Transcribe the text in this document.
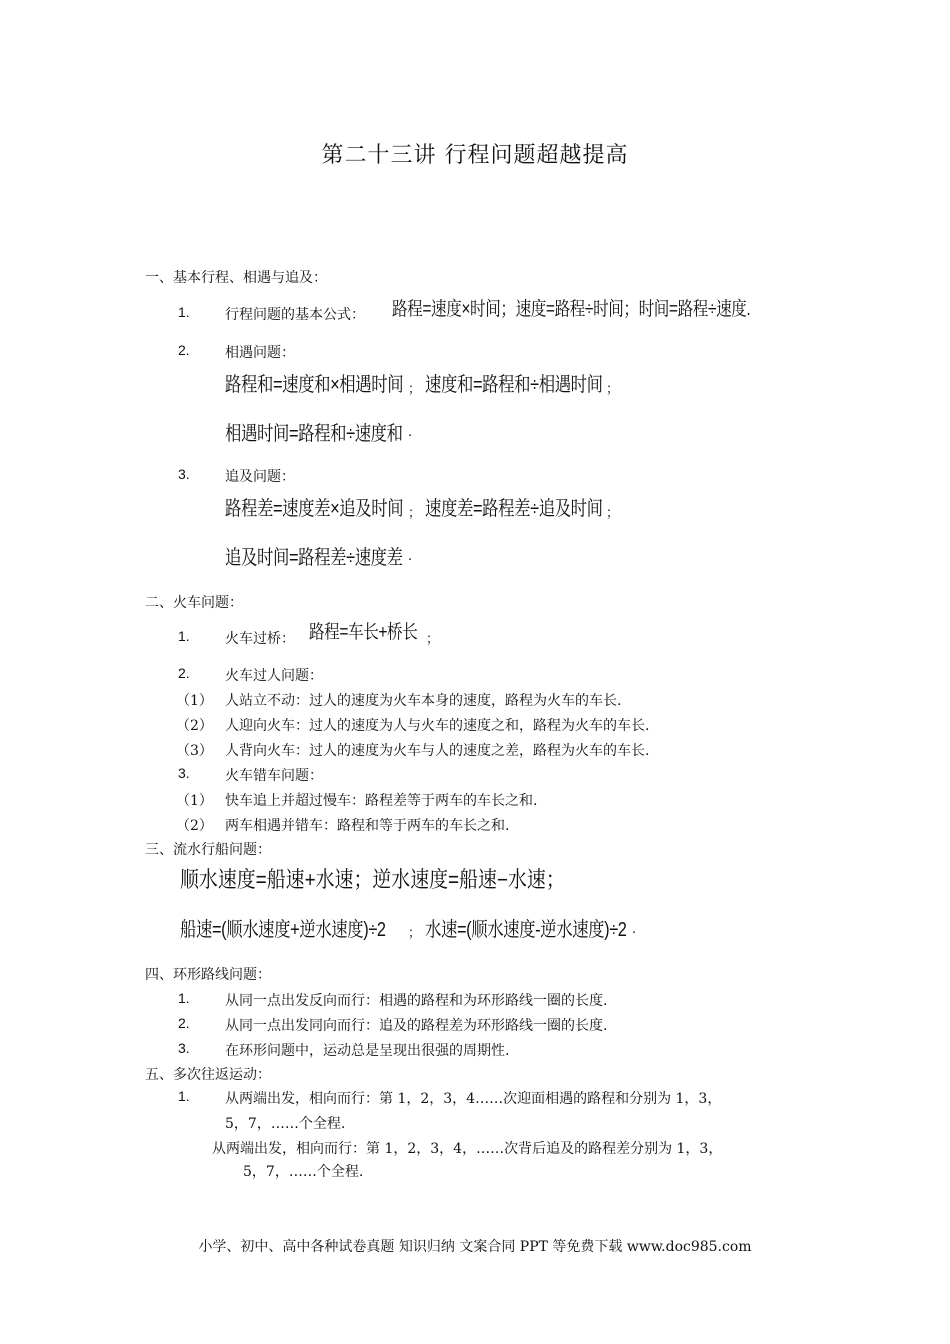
第二十三讲 行程问题超越提高
一、基本行程、相遇与追及：
1.	行程问题的基本公式： 路程=速度×时间；速度=路程÷时间；时间=路程÷速度.
2.	相遇问题：
路程和=速度和×相遇时间 ； 速度和=路程和÷相遇时间 ；
相遇时间=路程和÷速度和 .
3.	追及问题：
路程差=速度差×追及时间 ； 速度差=路程差÷追及时间 ；
追及时间=路程差÷速度差 .
二、火车问题：
1.	火车过桥： 路程=车长+桥长 ；
2.	火车过人问题：
（1） 人站立不动：过人的速度为火车本身的速度，路程为火车的车长.
（2） 人迎向火车：过人的速度为人与火车的速度之和，路程为火车的车长.
（3） 人背向火车：过人的速度为火车与人的速度之差，路程为火车的车长.
3.	火车错车问题：
（1） 快车追上并超过慢车：路程差等于两车的车长之和.
（2） 两车相遇并错车：路程和等于两车的车长之和.
三、流水行船问题：
顺水速度=船速+水速；逆水速度=船速−水速；
船速=(顺水速度+逆水速度)÷2 ； 水速=(顺水速度-逆水速度)÷2 .
四、环形路线问题：
1.	从同一点出发反向而行：相遇的路程和为环形路线一圈的长度.
2.	从同一点出发同向而行：追及的路程差为环形路线一圈的长度.
3.	在环形问题中，运动总是呈现出很强的周期性.
五、多次往返运动：
1.	从两端出发，相向而行：第 1，2，3，4……次迎面相遇的路程和分别为 1，3，
5，7，……个全程.
从两端出发，相向而行：第 1，2，3，4，……次背后追及的路程差分别为 1，3，
5，7，……个全程.
小学、初中、高中各种试卷真题 知识归纳 文案合同 PPT 等免费下载 www.doc985.com
